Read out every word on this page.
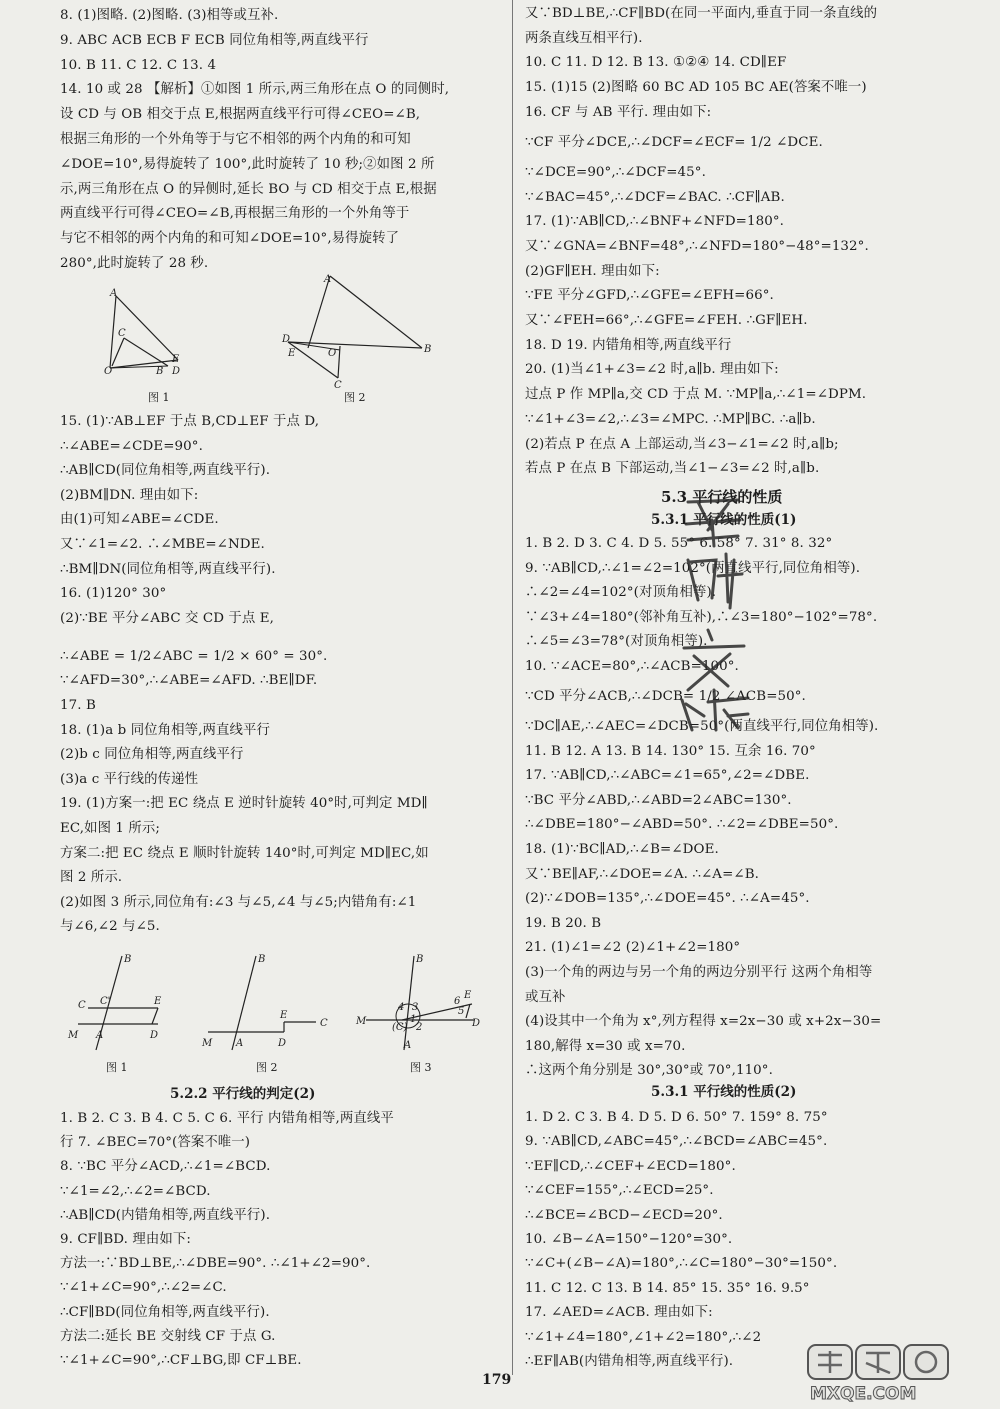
8. (1)图略. (2)图略. (3)相等或互补.
9. ABC ACB ECB F ECB 同位角相等,两直线平行
10. B 11. C 12. C 13. 4
14. 10 或 28 【解析】①如图 1 所示,两三角形在点 O 的同侧时,
设 CD 与 OB 相交于点 E,根据两直线平行可得∠CEO=∠B,
根据三角形的一个外角等于与它不相邻的两个内角的和可知
∠DOE=10°,易得旋转了 100°,此时旋转了 10 秒;②如图 2 所
示,两三角形在点 O 的异侧时,延长 BO 与 CD 相交于点 E,根据
两直线平行可得∠CEO=∠B,再根据三角形的一个外角等于
与它不相邻的两个内角的和可知∠DOE=10°,易得旋转了
280°,此时旋转了 28 秒.
15. (1)∵AB⊥EF 于点 B,CD⊥EF 于点 D,
∴∠ABE=∠CDE=90°.
∴AB∥CD(同位角相等,两直线平行).
(2)BM∥DN. 理由如下:
由(1)可知∠ABE=∠CDE.
又∵∠1=∠2. ∴∠MBE=∠NDE.
∴BM∥DN(同位角相等,两直线平行).
16. (1)120° 30°
(2)∵BE 平分∠ABC 交 CD 于点 E,
∴∠ABE = 1/2∠ABC = 1/2 × 60° = 30°.
∵∠AFD=30°,∴∠ABE=∠AFD. ∴BE∥DF.
17. B
18. (1)a b 同位角相等,两直线平行
(2)b c 同位角相等,两直线平行
(3)a c 平行线的传递性
19. (1)方案一:把 EC 绕点 E 逆时针旋转 40°时,可判定 MD∥
EC,如图 1 所示;
方案二:把 EC 绕点 E 顺时针旋转 140°时,可判定 MD∥EC,如
图 2 所示.
(2)如图 3 所示,同位角有:∠3 与∠5,∠4 与∠5;内错角有:∠1
与∠6,∠2 与∠5.
1. B 2. C 3. B 4. C 5. C 6. 平行 内错角相等,两直线平
行 7. ∠BEC=70°(答案不唯一)
8. ∵BC 平分∠ACD,∴∠1=∠BCD.
∵∠1=∠2,∴∠2=∠BCD.
∴AB∥CD(内错角相等,两直线平行).
9. CF∥BD. 理由如下:
方法一:∵BD⊥BE,∴∠DBE=90°. ∴∠1+∠2=90°.
∵∠1+∠C=90°,∴∠2=∠C.
∴CF∥BD(同位角相等,两直线平行).
方法二:延长 BE 交射线 CF 于点 G.
∵∠1+∠C=90°,∴CF⊥BG,即 CF⊥BE.
A
C
E
O	B D
图 1
A
D
E	O	B
C
图 2
B
C C'	E
M A	D
图 1
B
E
C
M A	D
图 2
B
M
4 3
1
(C) 2
6
E
5
D
A
图 3
5.2.2 平行线的判定(2)
又∵BD⊥BE,∴CF∥BD(在同一平面内,垂直于同一条直线的
两条直线互相平行).
10. C 11. D 12. B 13. ①②④ 14. CD∥EF
15. (1)15 (2)图略 60 BC AD 105 BC AE(答案不唯一)
16. CF 与 AB 平行. 理由如下:
∵CF 平分∠DCE,∴∠DCF=∠ECF= 1/2 ∠DCE.
∵∠DCE=90°,∴∠DCF=45°.
∵∠BAC=45°,∴∠DCF=∠BAC. ∴CF∥AB.
17. (1)∵AB∥CD,∴∠BNF+∠NFD=180°.
又∵∠GNA=∠BNF=48°,∴∠NFD=180°−48°=132°.
(2)GF∥EH. 理由如下:
∵FE 平分∠GFD,∴∠GFE=∠EFH=66°.
又∵∠FEH=66°,∴∠GFE=∠FEH. ∴GF∥EH.
18. D 19. 内错角相等,两直线平行
20. (1)当∠1+∠3=∠2 时,a∥b. 理由如下:
过点 P 作 MP∥a,交 CD 于点 M. ∵MP∥a,∴∠1=∠DPM.
∵∠1+∠3=∠2,∴∠3=∠MPC. ∴MP∥BC. ∴a∥b.
(2)若点 P 在点 A 上部运动,当∠3−∠1=∠2 时,a∥b;
若点 P 在点 B 下部运动,当∠1−∠3=∠2 时,a∥b.
5.3 平行线的性质
5.3.1 平行线的性质(1)
1. B 2. D 3. C 4. D 5. 55° 6. 58° 7. 31° 8. 32°
9. ∵AB∥CD,∴∠1=∠2=102°(两直线平行,同位角相等).
∴∠2=∠4=102°(对顶角相等).
∵∠3+∠4=180°(邻补角互补),∴∠3=180°−102°=78°.
∴∠5=∠3=78°(对顶角相等).
10. ∵∠ACE=80°,∴∠ACB=100°.
∵CD 平分∠ACB,∴∠DCB= 1/2 ∠ACB=50°.
∵DC∥AE,∴∠AEC=∠DCB=50°(两直线平行,同位角相等).
11. B 12. A 13. B 14. 130° 15. 互余 16. 70°
17. ∵AB∥CD,∴∠ABC=∠1=65°,∠2=∠DBE.
∵BC 平分∠ABD,∴∠ABD=2∠ABC=130°.
∴∠DBE=180°−∠ABD=50°. ∴∠2=∠DBE=50°.
18. (1)∵BC∥AD,∴∠B=∠DOE.
又∵BE∥AF,∴∠DOE=∠A. ∴∠A=∠B.
(2)∵∠DOB=135°,∴∠DOE=45°. ∴∠A=45°.
19. B 20. B
21. (1)∠1=∠2 (2)∠1+∠2=180°
(3)一个角的两边与另一个角的两边分别平行 这两个角相等
或互补
(4)设其中一个角为 x°,列方程得 x=2x−30 或 x+2x−30=
180,解得 x=30 或 x=70.
∴这两个角分别是 30°,30°或 70°,110°.
5.3.1 平行线的性质(2)
1. D 2. C 3. B 4. D 5. D 6. 50° 7. 159° 8. 75°
9. ∵AB∥CD,∠ABC=45°,∴∠BCD=∠ABC=45°.
∵EF∥CD,∴∠CEF+∠ECD=180°.
∵∠CEF=155°,∴∠ECD=25°.
∴∠BCE=∠BCD−∠ECD=20°.
10. ∠B−∠A=150°−120°=30°.
∵∠C+(∠B−∠A)=180°,∴∠C=180°−30°=150°.
11. C 12. C 13. B 14. 85° 15. 35° 16. 9.5°
17. ∠AED=∠ACB. 理由如下:
∵∠1+∠4=180°,∠1+∠2=180°,∴∠2
∴EF∥AB(内错角相等,两直线平行).
MXQE.COM
179
